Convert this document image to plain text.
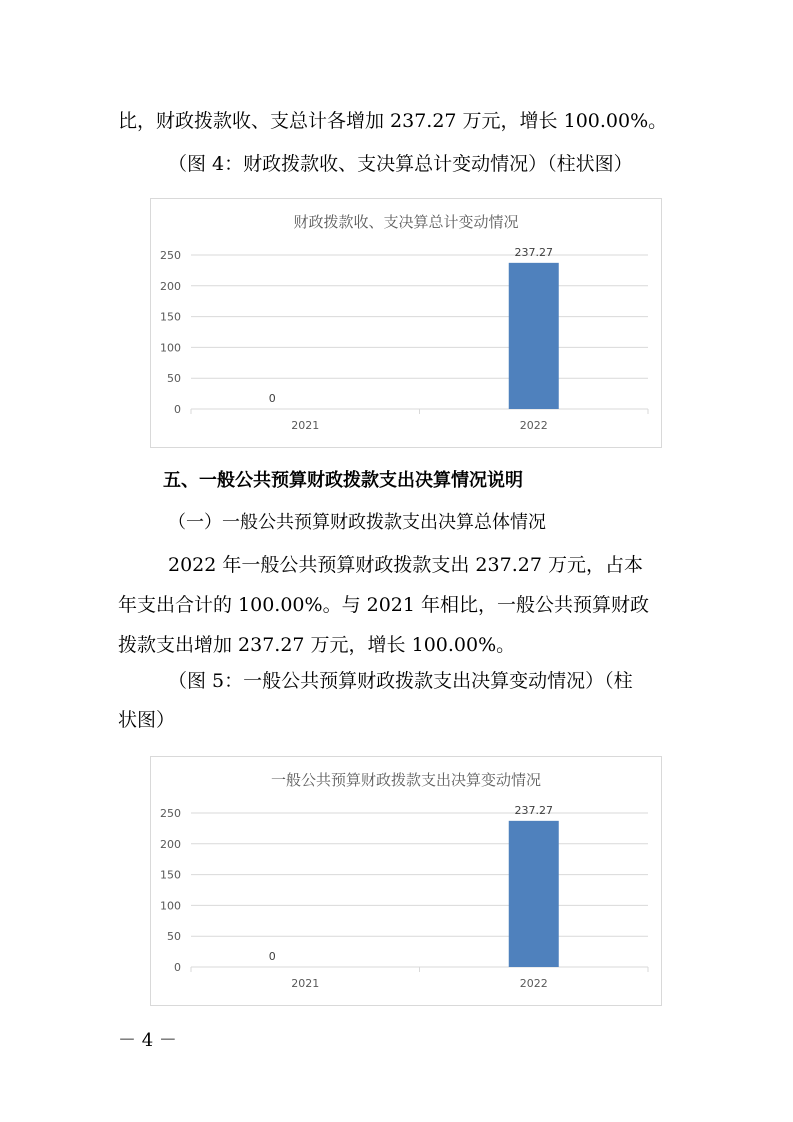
比，财政拨款收、支总计各增加 237.27 万元，增长 100.00%。
（图 4：财政拨款收、支决算总计变动情况）（柱状图）
财政拨款收、支决算总计变动情况
0
50
100
150
200
250
0
2021
237.27
2022
五、一般公共预算财政拨款支出决算情况说明
（一）一般公共预算财政拨款支出决算总体情况
2022 年一般公共预算财政拨款支出 237.27 万元，占本
年支出合计的 100.00%。与 2021 年相比，一般公共预算财政
拨款支出增加 237.27 万元，增长 100.00%。
（图 5：一般公共预算财政拨款支出决算变动情况）（柱
状图）
一般公共预算财政拨款支出决算变动情况
0
50
100
150
200
250
0
2021
237.27
2022
－ 4 －
